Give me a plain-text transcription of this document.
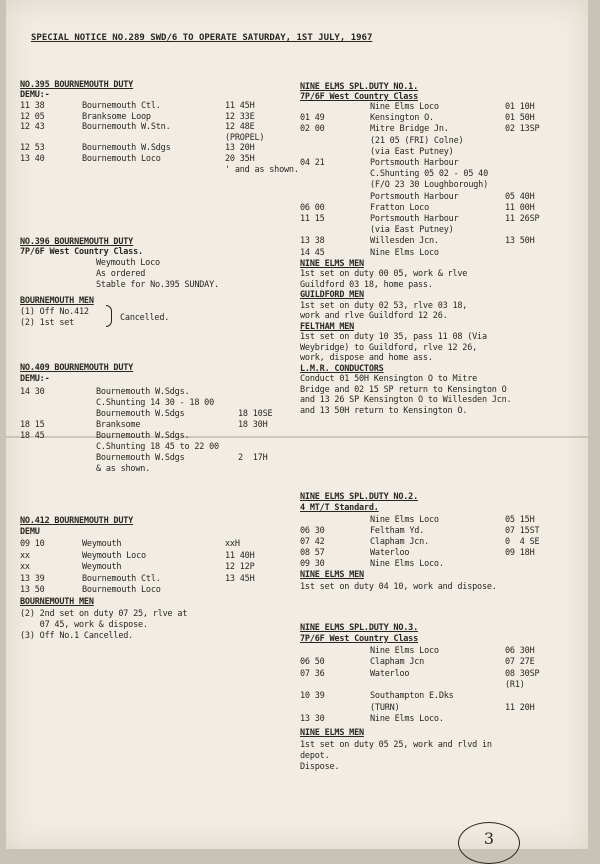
SPECIAL NOTICE NO.289 SWD/6 TO OPERATE SATURDAY, 1ST JULY, 1967
NO.395 BOURNEMOUTH DUTY
DEMU:-
11 38	Bournemouth Ctl.	11 45H
12 05	Branksome Loop	12 33E
12 43	Bournemouth W.Stn.	12 48E
(PROPEL)
12 53	Bournemouth W.Sdgs	13 20H
13 40	Bournemouth Loco	20 35H
' and as shown.
NO.396 BOURNEMOUTH DUTY
7P/6F West Country Class.
Weymouth Loco
As ordered
Stable for No.395 SUNDAY.
BOURNEMOUTH MEN
(1) Off No.412
(2) 1st set	Cancelled.
NO.409 BOURNEMOUTH DUTY
DEMU:-
14 30	Bournemouth W.Sdgs.
C.Shunting 14 30 - 18 00
Bournemouth W.Sdgs	18 10SE
18 15	Branksome	18 30H
18 45	Bournemouth W.Sdgs.
C.Shunting 18 45 to 22 00
Bournemouth W.Sdgs	2  17H
& as shown.
NO.412 BOURNEMOUTH DUTY
DEMU
09 10	Weymouth	xxH
xx	Weymouth Loco	11 40H
xx	Weymouth	12 12P
13 39	Bournemouth Ctl.	13 45H
13 50	Bournemouth Loco
BOURNEMOUTH MEN
(2) 2nd set on duty 07 25, rlve at
07 45, work & dispose.
(3) Off No.1 Cancelled.
NINE ELMS SPL.DUTY NO.1.
7P/6F West Country Class
Nine Elms Loco	01 10H
01 49	Kensington O.	01 50H
02 00	Mitre Bridge Jn.	02 13SP
(21 05 (FRI) Colne)
(via East Putney)
04 21	Portsmouth Harbour
C.Shunting 05 02 - 05 40
(F/O 23 30 Loughborough)
Portsmouth Harbour	05 40H
06 00	Fratton Loco	11 00H
11 15	Portsmouth Harbour	11 26SP
(via East Putney)
13 38	Willesden Jcn.	13 50H
14 45	Nine Elms Loco
NINE ELMS MEN
1st set on duty 00 05, work & rlve
Guildford 03 18, home pass.
GUILDFORD MEN
1st set on duty 02 53, rlve 03 18,
work and rlve Guildford 12 26.
FELTHAM MEN
1st set on duty 10 35, pass 11 08 (Via
Weybridge) to Guildford, rlve 12 26,
work, dispose and home ass.
L.M.R. CONDUCTORS
Conduct 01 50H Kensington O to Mitre
Bridge and 02 15 SP return to Kensington O
and 13 26 SP Kensington O to Willesden Jcn.
and 13 50H return to Kensington O.
NINE ELMS SPL.DUTY NO.2.
4 MT/T Standard.
Nine Elms Loco	05 15H
06 30	Feltham Yd.	07 15ST
07 42	Clapham Jcn.	0  4 SE
08 57	Waterloo	09 18H
09 30	Nine Elms Loco.
NINE ELMS MEN
1st set on duty 04 10, work and dispose.
NINE ELMS SPL.DUTY NO.3.
7P/6F West Country Class
Nine Elms Loco	06 30H
06 50	Clapham Jcn	07 27E
07 36	Waterloo	08 30SP
(R1)
10 39	Southampton E.Dks
(TURN)	11 20H
13 30	Nine Elms Loco.
NINE ELMS MEN
1st set on duty 05 25, work and rlvd in
depot.
Dispose.
3
